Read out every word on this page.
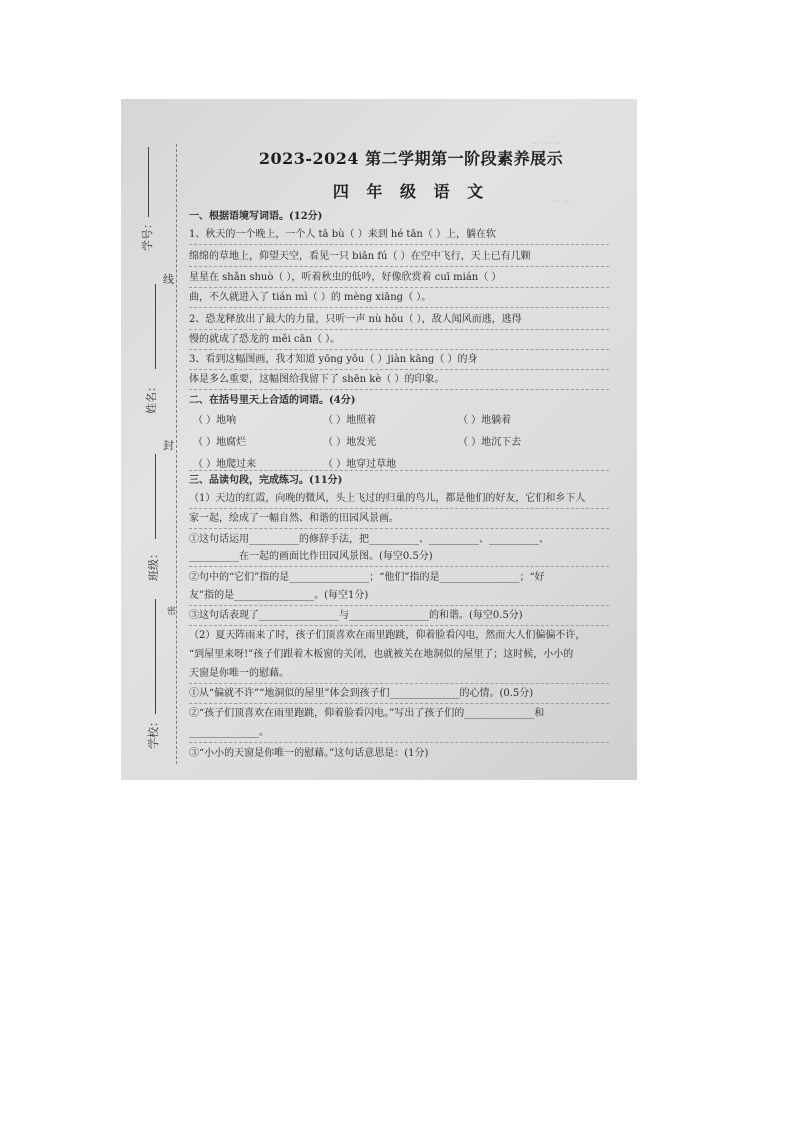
⋯ ⋯ ⋯
⋯ ⋯
学号：
姓名：
班级：
学校：
线
封
密
2023-2024 第二学期第一阶段素养展示
四 年 级 语 文
一、根据语境写词语。(12分)
1、秋天的一个晚上，一个人 tā bù（ ）来到 hé tān（ ）上，躺在软
绵绵的草地上，仰望天空，看见一只 biān fú（ ）在空中飞行，天上已有几颗
星星在 shǎn shuò（ ），听着秋虫的低吟，好像欣赏着 cuī mián（ ）
曲，不久就进入了 tián mì（ ）的 mèng xiāng（ ）。
2、恐龙释放出了最大的力量，只听一声 nù hǒu（ ），敌人闻风而逃，逃得
慢的就成了恐龙的 měi cān（ ）。
3、看到这幅图画，我才知道 yōng yǒu（ ）jiàn kāng（ ）的身
体是多么重要，这幅图给我留下了 shēn kè（ ）的印象。
二、在括号里天上合适的词语。(4分)
（ ）地响	（ ）地照着	（ ）地躺着
（ ）地腐烂	（ ）地发光	（ ）地沉下去
（ ）地爬过来	（ ）地穿过草地
三、品读句段，完成练习。(11分)
（1）天边的红霞，向晚的微风，头上飞过的归巢的鸟儿，都是他们的好友，它们和乡下人
家一起，绘成了一幅自然、和谐的田园风景画。
①这句话运用__________的修辞手法，把__________、__________、__________、
__________在一起的画面比作田园风景图。(每空0.5分)
②句中的“它们”指的是________________；“他们”指的是________________；“好
友”指的是________________。(每空1分)
③这句话表现了________________与________________的和谐。(每空0.5分)
（2）夏天阵雨来了时，孩子们顶喜欢在雨里跑跳，仰着脸看闪电，然而大人们偏偏不许，
“到屋里来呀!”孩子们跟着木板窗的关闭，也就被关在地洞似的屋里了；这时候，小小的
天窗是你唯一的慰藉。
①从“偏就不许”“地洞似的屋里”体会到孩子们______________的心情。(0.5分)
②“孩子们顶喜欢在雨里跑跳，仰着脸看闪电。”写出了孩子们的______________和
______________。
③“小小的天窗是你唯一的慰藉。”这句话意思是：(1分)
